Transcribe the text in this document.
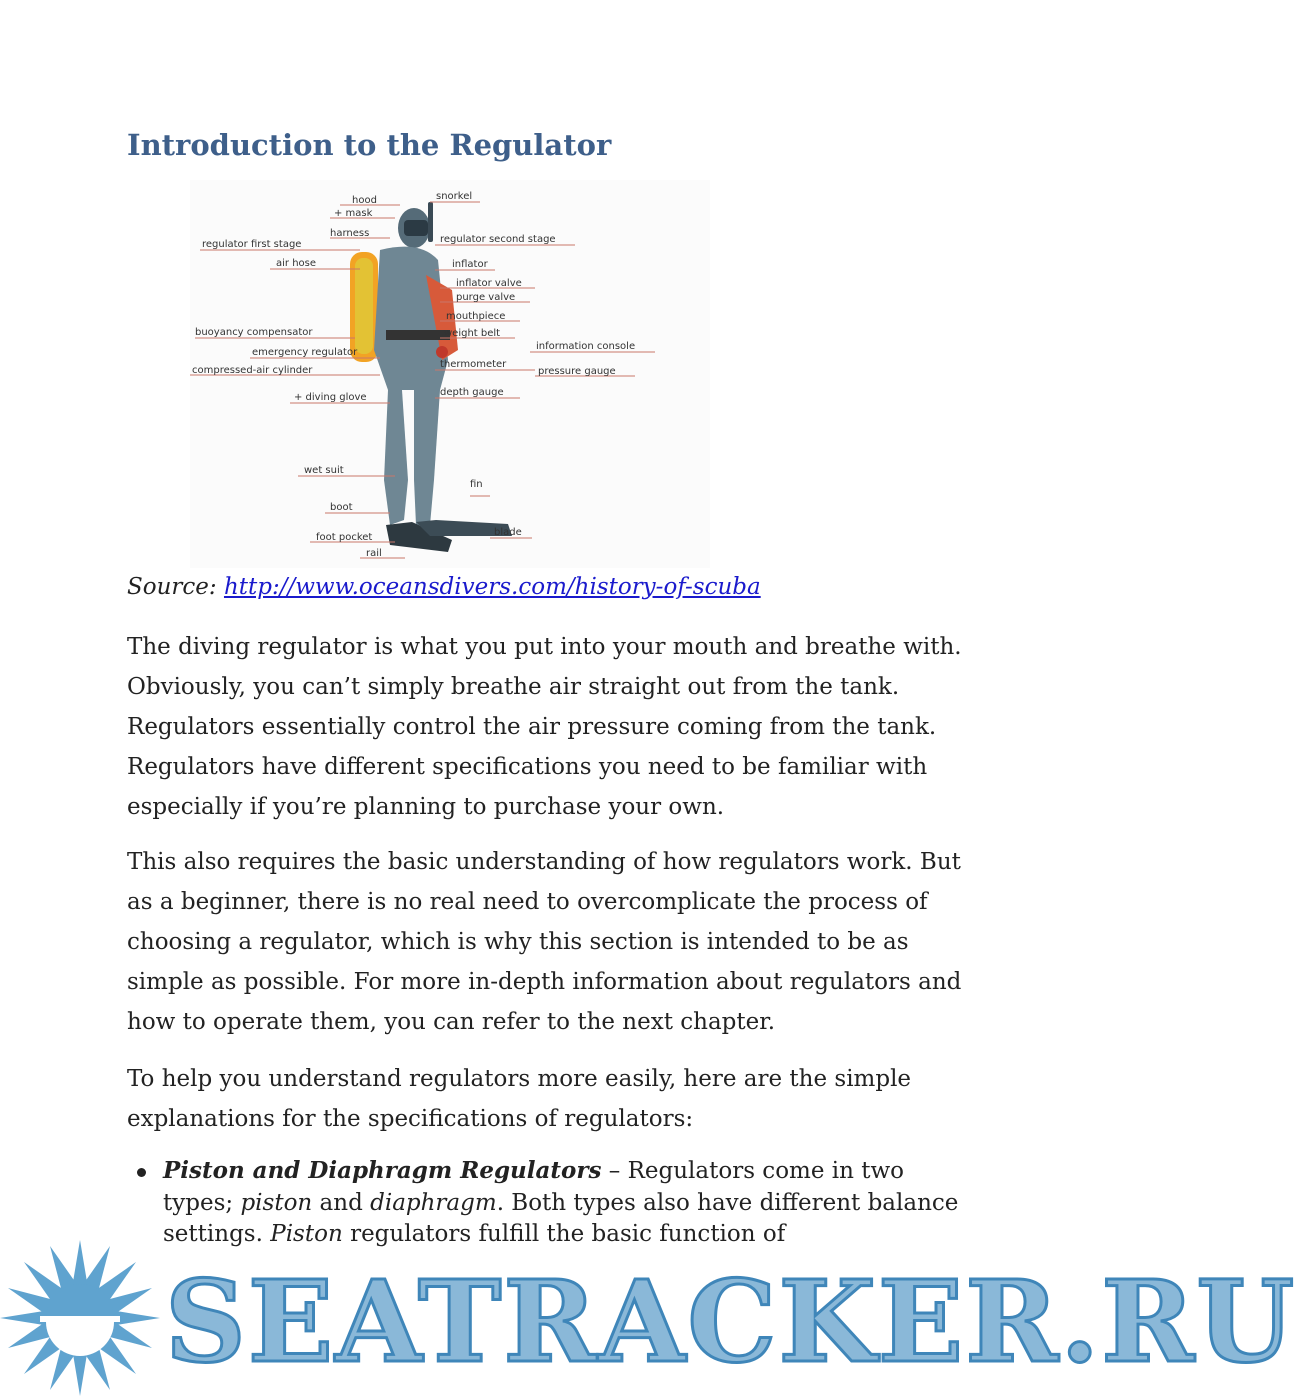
Introduction to the Regulator
hood
+ mask
harness
regulator first stage
air hose
buoyancy compensator
emergency regulator
compressed-air cylinder
+ diving glove
wet suit
boot
foot pocket
rail
snorkel
regulator second stage
inflator
inflator valve
purge valve
mouthpiece
weight belt
information console
thermometer
pressure gauge
depth gauge
fin
blade

Source: http://www.oceansdivers.com/history-of-scuba

The diving regulator is what you put into your mouth and breathe with. Obviously, you can’t simply breathe air straight out from the tank. Regulators essentially control the air pressure coming from the tank. Regulators have different specifications you need to be familiar with especially if you’re planning to purchase your own.

This also requires the basic understanding of how regulators work. But as a beginner, there is no real need to overcomplicate the process of choosing a regulator, which is why this section is intended to be as simple as possible. For more in-depth information about regulators and how to operate them, you can refer to the next chapter.

To help you understand regulators more easily, here are the simple explanations for the specifications of regulators:

Piston and Diaphragm Regulators – Regulators come in two types; piston and diaphragm. Both types also have different balance settings. Piston regulators fulfill the basic function of
SEATRACKER.RU
